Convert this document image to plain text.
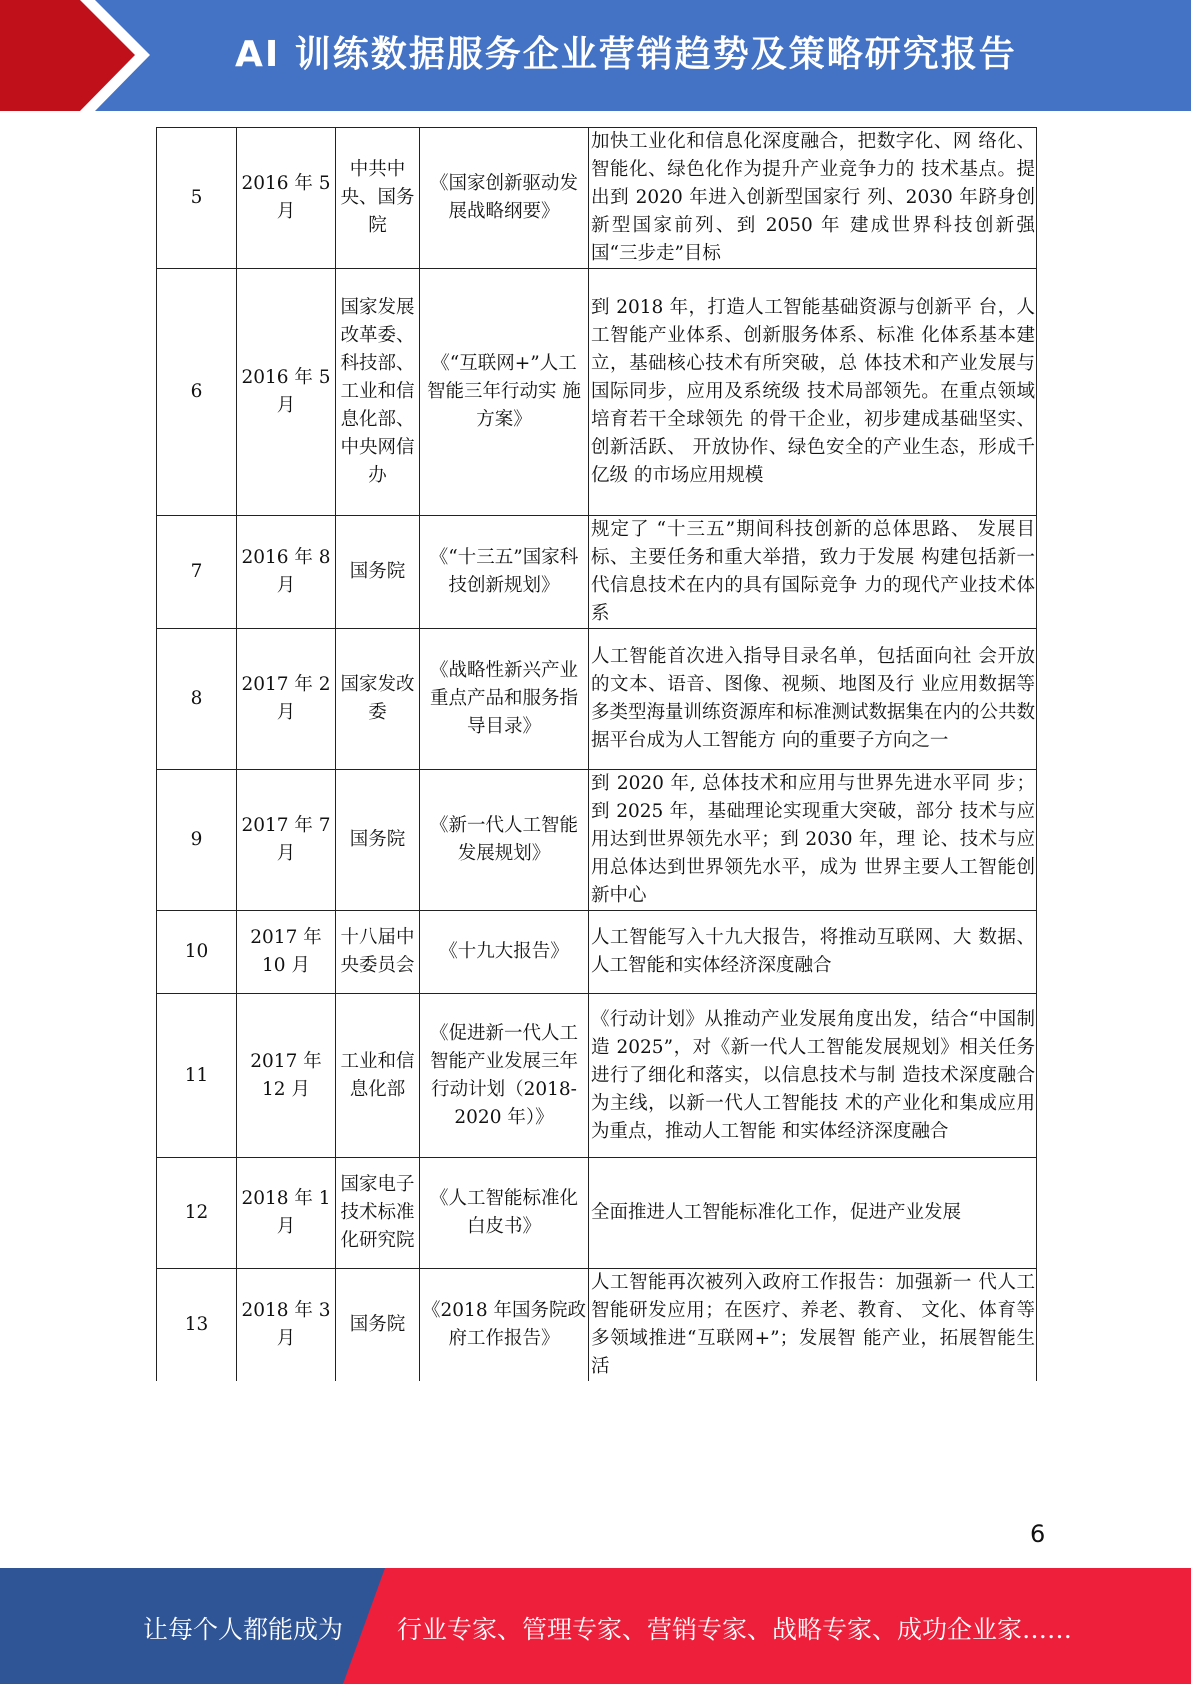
AI 训练数据服务企业营销趋势及策略研究报告
5	2016 年 5 月	中共中央、国务院	《国家创新驱动发展战略纲要》	加快工业化和信息化深度融合，把数字化、网 络化、智能化、绿色化作为提升产业竞争力的 技术基点。提出到 2020 年进入创新型国家行 列、2030 年跻身创新型国家前列、到 2050 年 建成世界科技创新强国“三步走”目标
6	2016 年 5 月	国家发展改革委、科技部、工业和信息化部、中央网信办	《“互联网+”人工 智能三年行动实 施方案》	到 2018 年，打造人工智能基础资源与创新平 台，人工智能产业体系、创新服务体系、标准 化体系基本建立，基础核心技术有所突破，总 体技术和产业发展与国际同步，应用及系统级 技术局部领先。在重点领域培育若干全球领先 的骨干企业，初步建成基础坚实、创新活跃、 开放协作、绿色安全的产业生态，形成千亿级 的市场应用规模
7	2016 年 8 月	国务院	《“十三五”国家科技创新规划》	规定了 “十三五”期间科技创新的总体思路、 发展目标、主要任务和重大举措，致力于发展 构建包括新一代信息技术在内的具有国际竞争 力的现代产业技术体系
8	2017 年 2 月	国家发改委	《战略性新兴产业重点产品和服务指导目录》	人工智能首次进入指导目录名单，包括面向社 会开放的文本、语音、图像、视频、地图及行 业应用数据等多类型海量训练资源库和标准测试数据集在内的公共数据平台成为人工智能方 向的重要子方向之一
9	2017 年 7 月	国务院	《新一代人工智能发展规划》	到 2020 年, 总体技术和应用与世界先进水平同 步；到 2025 年，基础理论实现重大突破，部分 技术与应用达到世界领先水平；到 2030 年，理 论、技术与应用总体达到世界领先水平，成为 世界主要人工智能创新中心
10	2017 年 10 月	十八届中央委员会	《十九大报告》	人工智能写入十九大报告，将推动互联网、大 数据、人工智能和实体经济深度融合
11	2017 年 12 月	工业和信息化部	《促进新一代人工智能产业发展三年行动计划（2018-2020 年）》	《行动计划》从推动产业发展角度出发，结合“中国制造 2025”，对《新一代人工智能发展规划》相关任务进行了细化和落实，以信息技术与制 造技术深度融合为主线，以新一代人工智能技 术的产业化和集成应用为重点，推动人工智能 和实体经济深度融合
12	2018 年 1 月	国家电子技术标准化研究院	《人工智能标准化白皮书》	全面推进人工智能标准化工作，促进产业发展
13	2018 年 3 月	国务院	《2018 年国务院政府工作报告》	人工智能再次被列入政府工作报告：加强新一 代人工智能研发应用；在医疗、养老、教育、 文化、体育等多领域推进“互联网+”；发展智 能产业，拓展智能生活
6
让每个人都能成为 行业专家、管理专家、营销专家、战略专家、成功企业家……
